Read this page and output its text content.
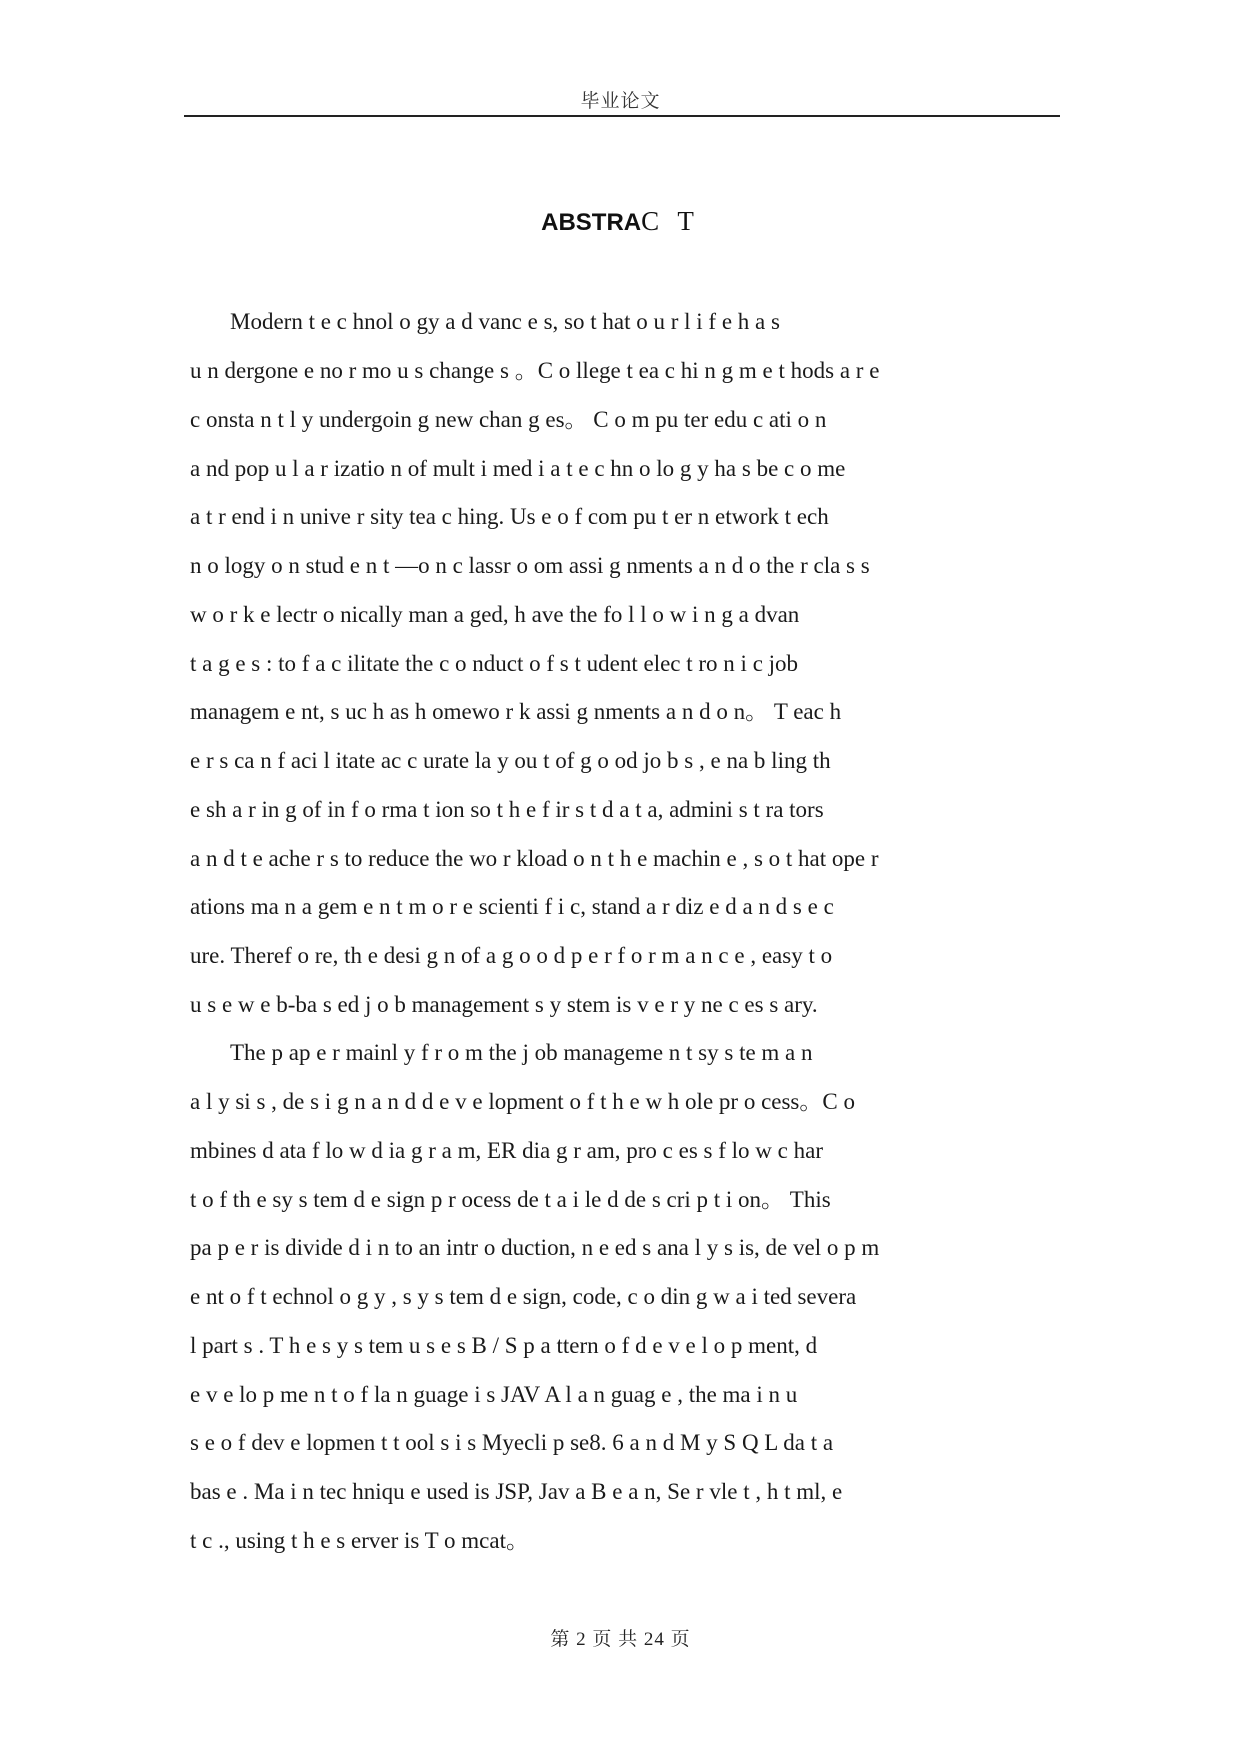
毕业论文
ABSTRAC T
Modern t e c hnol o gy a d vanc e s, so t hat o u r l i f e h a s
u n dergone e no r mo u s change s 。C o llege t ea c hi n g m e t hods a r e
c onsta n t l y undergoin g new chan g es。 C o m pu ter edu c ati o n
a nd pop u l a r izatio n of mult i med i a t e c hn o lo g y ha s be c o me
a t r end i n unive r sity tea c hing. Us e o f com pu t er n etwork t ech
n o logy o n stud e n t —o n c lassr o om assi g nments a n d o the r cla s s
w o r k e lectr o nically man a ged, h ave the fo l l o w i n g a dvan
t a g e s : to f a c ilitate the c o nduct o f s t udent elec t ro n i c job
managem e nt, s uc h as h omewo r k assi g nments a n d o n。 T eac h
e r s ca n f aci l itate ac c urate la y ou t of g o od jo b s , e na b ling th
e sh a r in g of in f o rma t ion so t h e f ir s t d a t a, admini s t ra tors
a n d t e ache r s to reduce the wo r kload o n t h e machin e , s o t hat ope r
ations ma n a gem e n t m o r e scienti f i c, stand a r diz e d a n d s e c
ure. Theref o re, th e desi g n of a g o o d p e r f o r m a n c e , easy t o
u s e w e b-ba s ed j o b management s y stem is v e r y ne c es s ary.
The p ap e r mainl y f r o m the j ob manageme n t sy s te m a n
a l y si s , de s i g n a n d d e v e lopment o f t h e w h ole pr o cess。C o
mbines d ata f lo w d ia g r a m, ER dia g r am, pro c es s f lo w c har
t o f th e sy s tem d e sign p r ocess de t a i le d de s cri p t i on。 This
pa p e r is divide d i n to an intr o duction, n e ed s ana l y s is, de vel o p m
e nt o f t echnol o g y , s y s tem d e sign, code, c o din g w a i ted severa
l part s . T h e s y s tem u s e s B / S p a ttern o f d e v e l o p ment, d
e v e lo p me n t o f la n guage i s JAV A l a n guag e , the ma i n u
s e o f dev e lopmen t t ool s i s Myecli p se8. 6 a n d M y S Q L da t a
bas e . Ma i n tec hniqu e used is JSP, Jav a B e a n, Se r vle t , h t ml, e
t c ., using t h e s erver is T o mcat。
第 2 页 共 24 页
